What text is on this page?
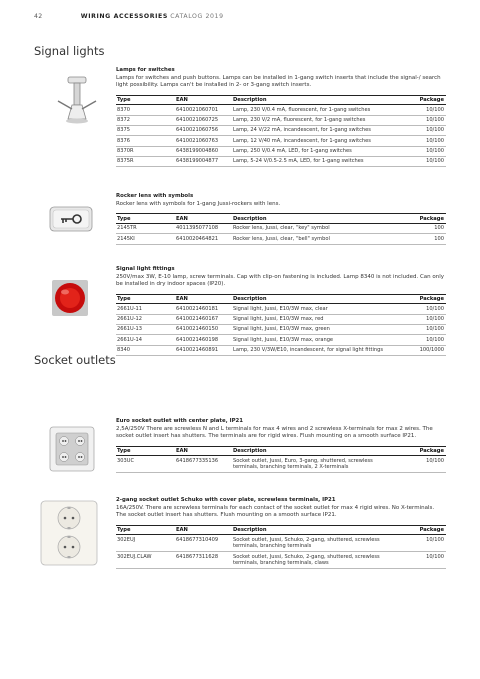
42	WIRING ACCESSORIES CATALOG 2019
Signal lights
Socket outlets
Lamps for switches
Lamps for switches and push buttons. Lamps can be installed in 1-gang switch inserts that include the signal-/ search light possibility. Lamps can't be installed in 2- or 3-gang switch inserts.
Type	EAN	Description	Package
8370	6410021060701	Lamp, 230 V/0.4 mA, fluorescent, for 1-gang switches	10/100
8372	6410021060725	Lamp, 230 V/2 mA, fluorescent, for 1-gang switches	10/100
8375	6410021060756	Lamp, 24 V/22 mA, incandescent, for 1-gang switches	10/100
8376	6410021060763	Lamp, 12 V/40 mA, incandescent, for 1-gang switches	10/100
8370R	6438199004860	Lamp, 250 V/0.4 mA, LED, for 1-gang switches	10/100
8375R	6438199004877	Lamp, 5-24 V/0.5-2.5 mA, LED, for 1-gang switches	10/100
Rocker lens with symbols
Rocker lens with symbols for 1-gang Jussi-rockers with lens.
Type	EAN	Description	Package
2145TR	4011395077108	Rocker lens, Jussi, clear, "key" symbol	100
2145KI	6410020464821	Rocker lens, Jussi, clear, "bell" symbol	100
Signal light fittings
250V/max 3W, E-10 lamp, screw terminals. Cap with clip-on fastening is included. Lamp 8340 is not included. Can only be installed in dry indoor spaces (IP20).
Type	EAN	Description	Package
2661U-11	6410021460181	Signal light, Jussi, E10/3W max, clear	10/100
2661U-12	6410021460167	Signal light, Jussi, E10/3W max, red	10/100
2661U-13	6410021460150	Signal light, Jussi, E10/3W max, green	10/100
2661U-14	6410021460198	Signal light, Jussi, E10/3W max, orange	10/100
8340	6410021460891	Lamp, 230 V/3W/E10, incandescent, for signal light fittings	100/1000
Euro socket outlet with center plate, IP21
2,5A/250V There are screwless N and L terminals for max 4 wires and 2 screwless X-terminals for max 2 wires. The socket outlet insert has shutters. The terminals are for rigid wires. Flush mounting on a smooth surface IP21.
Type	EAN	Description	Package
303UC	6418677335136	Socket outlet, Jussi, Euro, 3-gang, shuttered, screwless terminals, branching terminals, 2 X-terminals	10/100
2-gang socket outlet Schuko with cover plate, screwless terminals, IP21
16A/250V. There are screwless terminals for each contact of the socket outlet for max 4 rigid wires. No X-terminals. The socket outlet insert has shutters. Flush mounting on a smooth surface IP21.
Type	EAN	Description	Package
302EUJ	6418677310409	Socket outlet, Jussi, Schuko, 2-gang, shuttered, screwless terminals, branching terminals	10/100
302EUJ.CLAW	6418677311628	Socket outlet, Jussi, Schuko, 2-gang, shuttered, screwless terminals, branching terminals, claws	10/100
